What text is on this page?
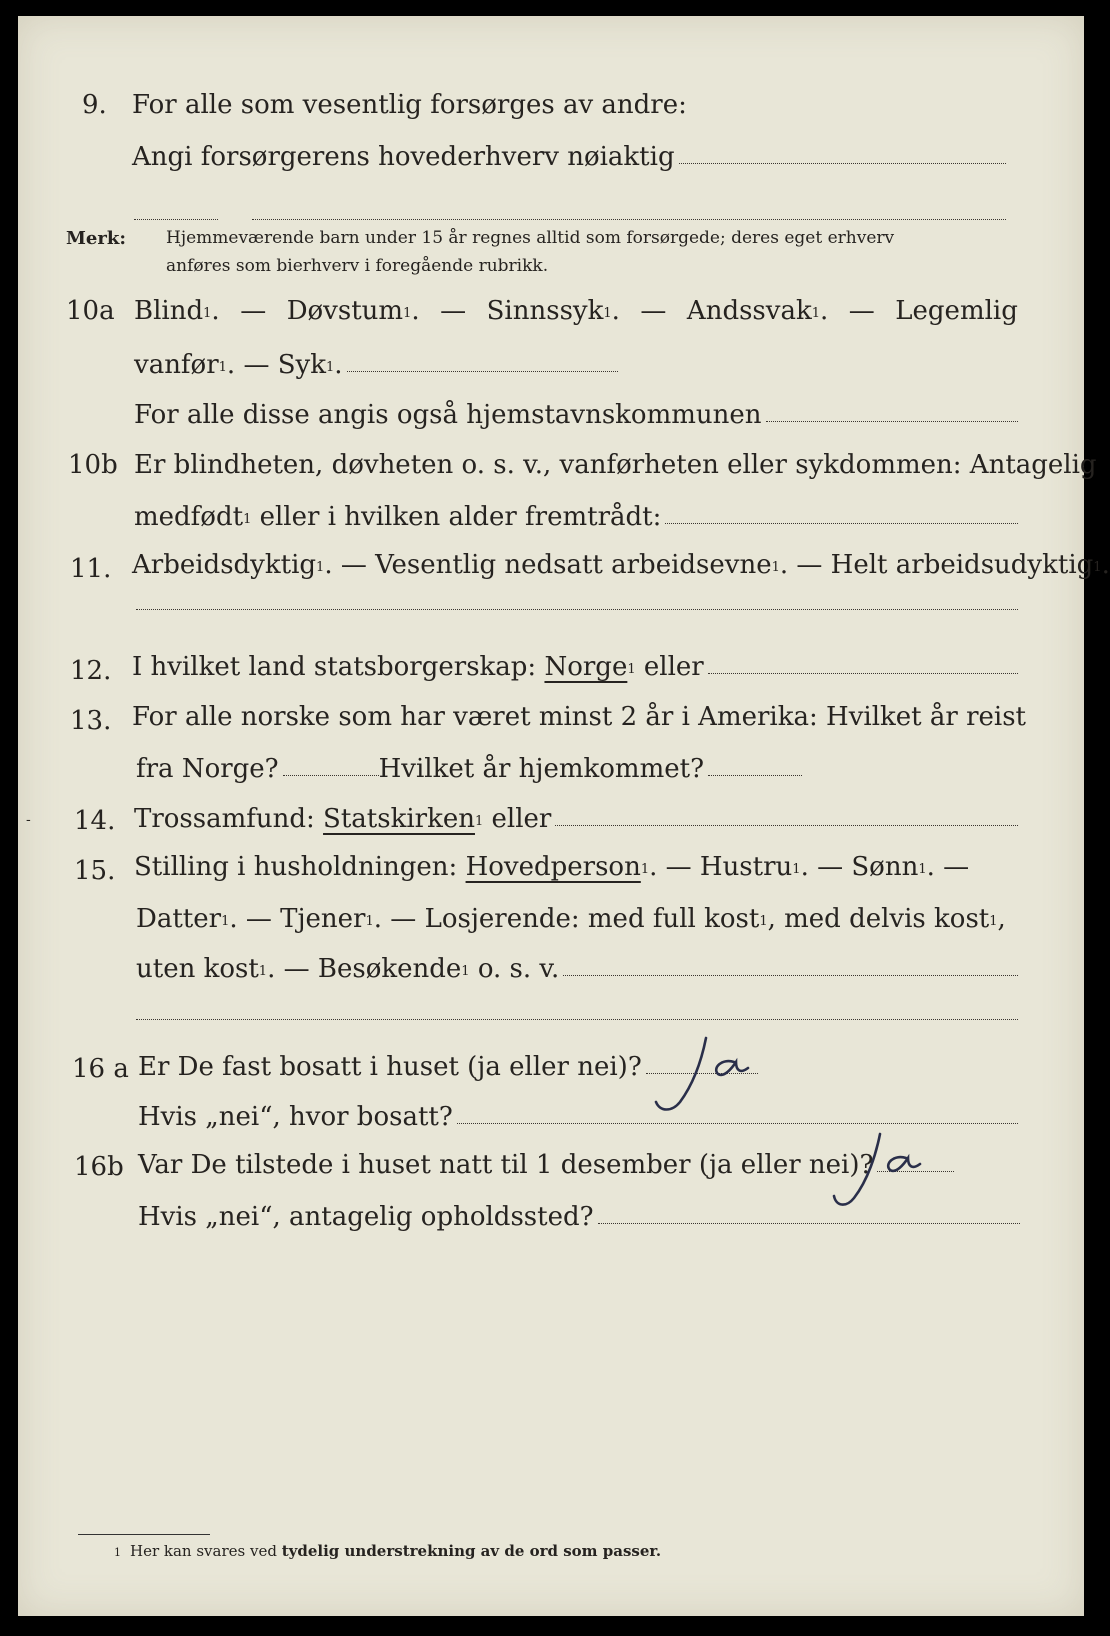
9. For alle som vesentlig forsørges av andre:
Angi forsørgerens hovederhverv nøiaktig
Merk: Hjemmeværende barn under 15 år regnes alltid som forsørgede; deres eget erhverv
anføres som bierhverv i foregående rubrikk.
10a Blind 1 . — Døvstum 1 . — Sinnssyk 1 . — Andssvak 1 . — Legemlig
vanfør 1 .
—
Syk 1 .
For alle disse angis også hjemstavnskommunen
10b Er blindheten, døvheten o. s. v., vanførheten eller sykdommen: Antagelig
medfødt 1 eller i hvilken alder fremtrådt:
11. Arbeidsdyktig 1 . — Vesentlig nedsatt arbeidsevne 1 . — Helt arbeidsudyktig 1 .
12. I hvilket land statsborgerskap: Norge 1 eller
13. For alle norske som har været minst 2 år i Amerika: Hvilket år reist
fra Norge?	Hvilket år hjemkommet?
- 14. Trossamfund: Statskirken 1 eller
15. Stilling i husholdningen: Hovedperson 1 . — Hustru 1 . — Sønn 1 . —
Datter 1 . — Tjener 1 . — Losjerende: med full kost 1 , med delvis kost 1 ,
uten kost 1 . — Besøkende 1 o. s. v.
16 a Er De fast bosatt i huset (ja eller nei)?
Hvis „nei“, hvor bosatt?
16b Var De tilstede i huset natt til 1 desember (ja eller nei)?
Hvis „nei“, antagelig opholdssted?
1 Her kan svares ved tydelig understrekning av de ord som passer.
